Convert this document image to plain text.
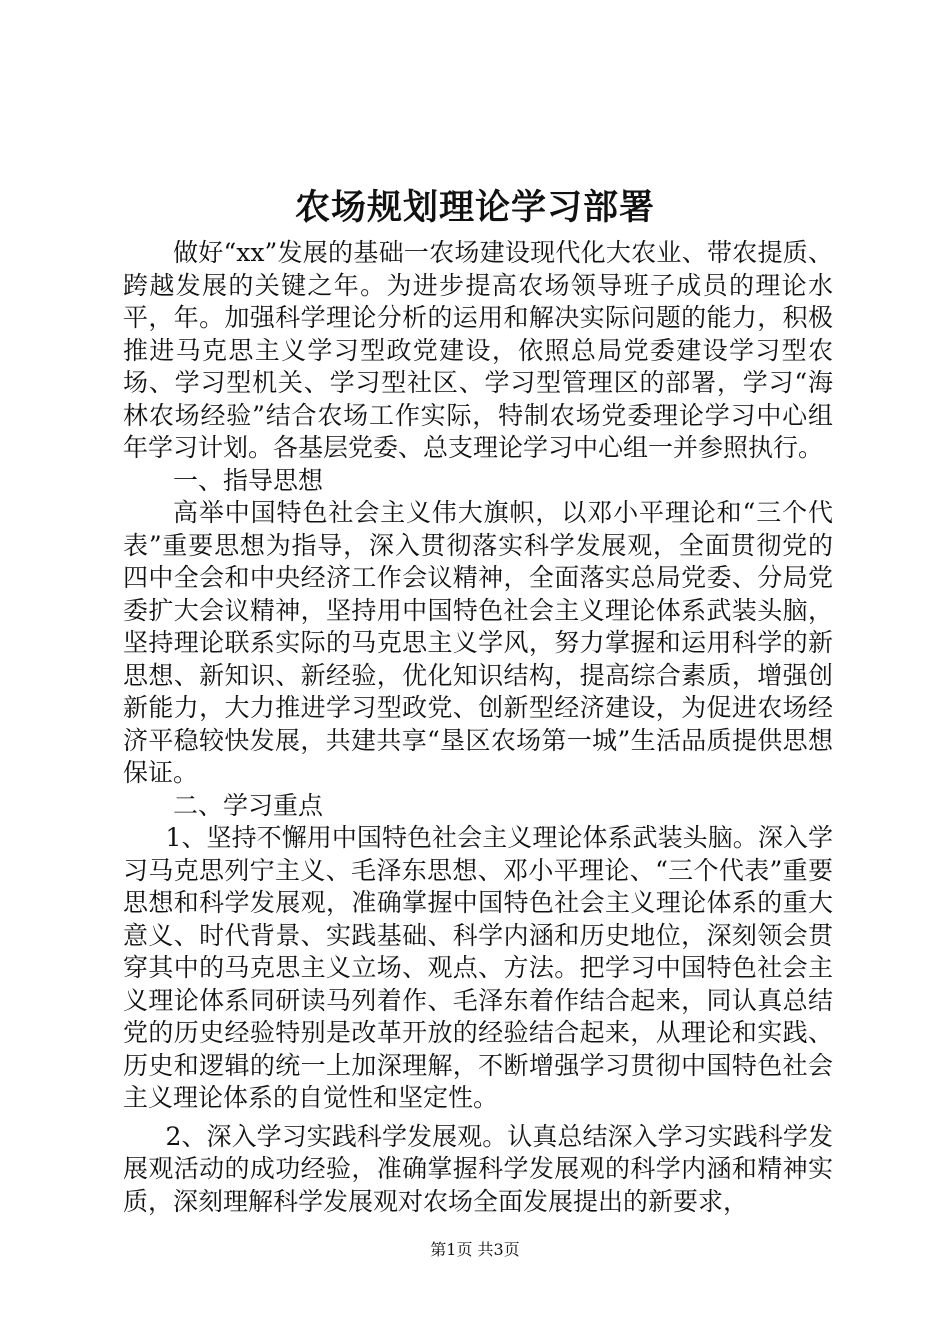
农场规划理论学习部署

做好“xx”发展的基础一农场建设现代化大农业、带农提质、跨越发展的关键之年。为进步提高农场领导班子成员的理论水平，年。加强科学理论分析的运用和解决实际问题的能力，积极推进马克思主义学习型政党建设，依照总局党委建设学习型农场、学习型机关、学习型社区、学习型管理区的部署，学习“海林农场经验”结合农场工作实际，特制农场党委理论学习中心组年学习计划。各基层党委、总支理论学习中心组一并参照执行。

一、指导思想

高举中国特色社会主义伟大旗帜，以邓小平理论和“三个代表”重要思想为指导，深入贯彻落实科学发展观，全面贯彻党的四中全会和中央经济工作会议精神，全面落实总局党委、分局党委扩大会议精神，坚持用中国特色社会主义理论体系武装头脑，坚持理论联系实际的马克思主义学风，努力掌握和运用科学的新思想、新知识、新经验，优化知识结构，提高综合素质，增强创新能力，大力推进学习型政党、创新型经济建设，为促进农场经济平稳较快发展，共建共享“垦区农场第一城”生活品质提供思想保证。

二、学习重点

1、坚持不懈用中国特色社会主义理论体系武装头脑。深入学习马克思列宁主义、毛泽东思想、邓小平理论、“三个代表”重要思想和科学发展观，准确掌握中国特色社会主义理论体系的重大意义、时代背景、实践基础、科学内涵和历史地位，深刻领会贯穿其中的马克思主义立场、观点、方法。把学习中国特色社会主义理论体系同研读马列着作、毛泽东着作结合起来，同认真总结党的历史经验特别是改革开放的经验结合起来，从理论和实践、历史和逻辑的统一上加深理解，不断增强学习贯彻中国特色社会主义理论体系的自觉性和坚定性。

2、深入学习实践科学发展观。认真总结深入学习实践科学发展观活动的成功经验，准确掌握科学发展观的科学内涵和精神实质，深刻理解科学发展观对农场全面发展提出的新要求，

第1页 共3页
